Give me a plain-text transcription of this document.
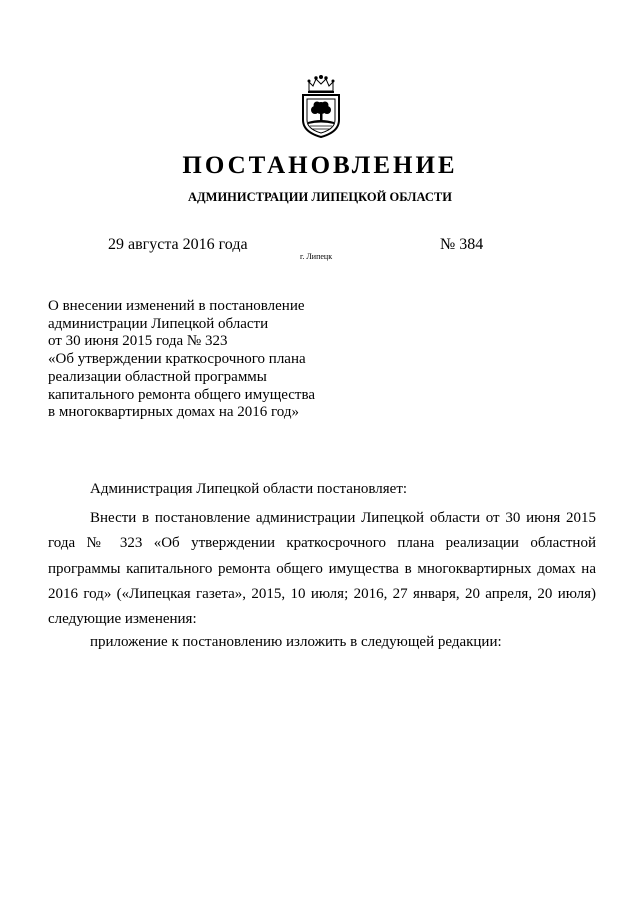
ПОСТАНОВЛЕНИЕ
АДМИНИСТРАЦИИ ЛИПЕЦКОЙ ОБЛАСТИ
29 августа 2016 года
г. Липецк
№ 384
О внесении изменений в постановление
администрации Липецкой области
от 30 июня 2015 года № 323
«Об утверждении краткосрочного плана
реализации областной программы
капитального ремонта общего имущества
в многоквартирных домах на 2016 год»
Администрация Липецкой области постановляет:
Внести в постановление администрации Липецкой области от 30 июня 2015
года № 323 «Об утверждении краткосрочного плана реализации областной
программы капитального ремонта общего имущества в многоквартирных домах на
2016 год» («Липецкая газета», 2015, 10 июля; 2016, 27 января, 20 апреля, 20 июля)
следующие изменения:
приложение к постановлению изложить в следующей редакции:
